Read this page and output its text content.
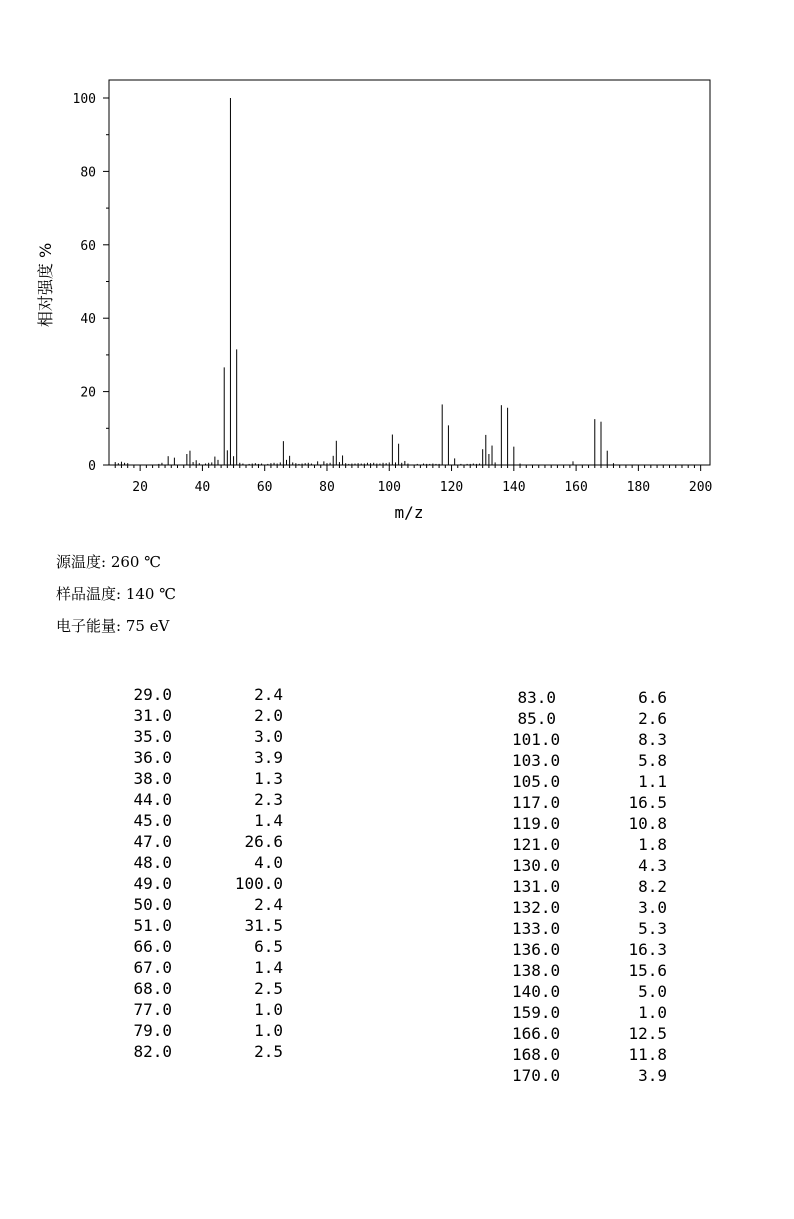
20	40	60	80	100	120	140	160	180	200
0
20
40
60
80
100
m/z
相对强度 %
源温度: 260 ℃
样品温度: 140 ℃
电子能量: 75 eV
29.0	2.4
31.0	2.0
35.0	3.0
36.0	3.9
38.0	1.3
44.0	2.3
45.0	1.4
47.0	26.6
48.0	4.0
49.0	100.0
50.0	2.4
51.0	31.5
66.0	6.5
67.0	1.4
68.0	2.5
77.0	1.0
79.0	1.0
82.0	2.5
83.0	6.6
85.0	2.6
101.0	8.3
103.0	5.8
105.0	1.1
117.0	16.5
119.0	10.8
121.0	1.8
130.0	4.3
131.0	8.2
132.0	3.0
133.0	5.3
136.0	16.3
138.0	15.6
140.0	5.0
159.0	1.0
166.0	12.5
168.0	11.8
170.0	3.9
